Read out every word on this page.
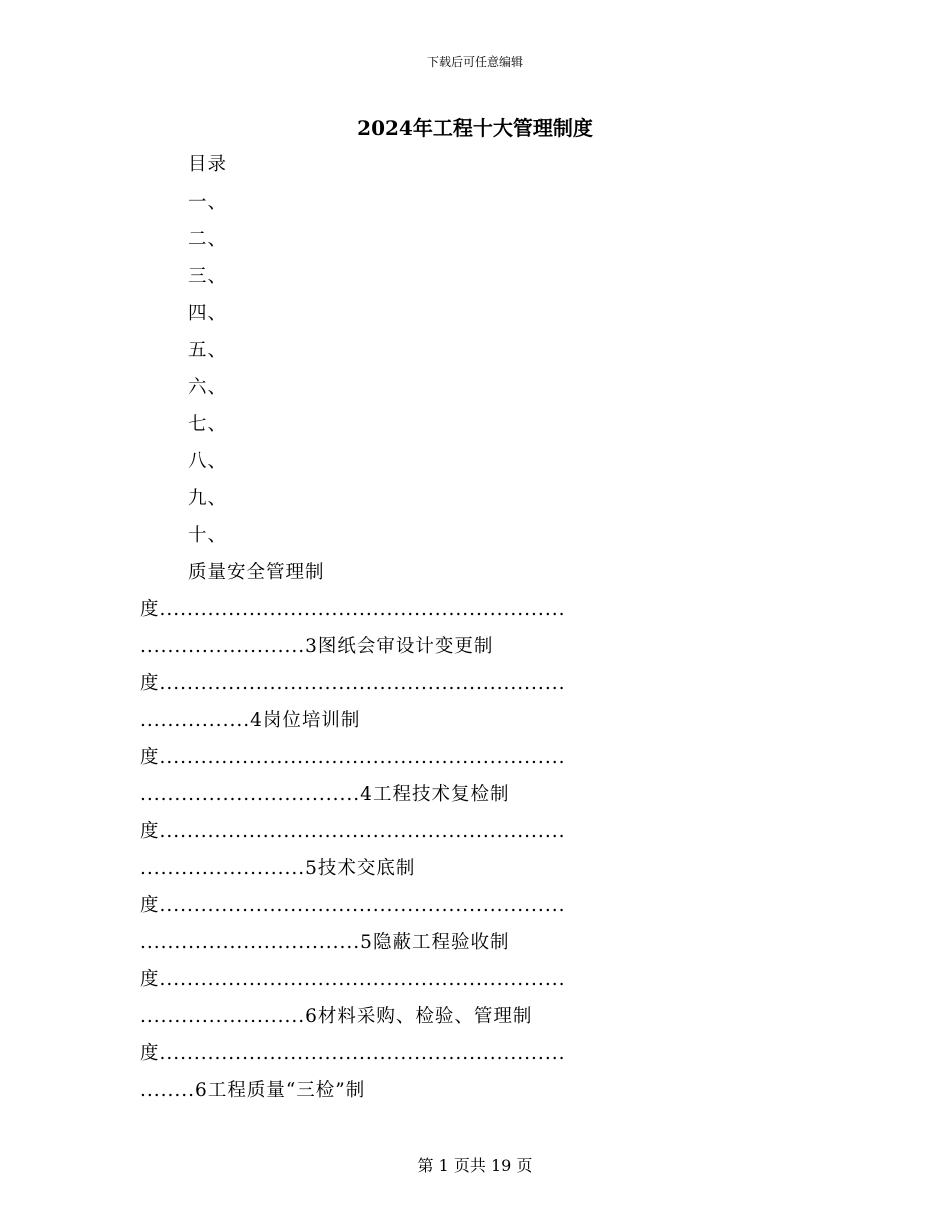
下载后可任意编辑
2024年工程十大管理制度
目录
一、
二、
三、
四、
五、
六、
七、
八、
九、
十、
质量安全管理制
度...........................................................
........................3图纸会审设计变更制
度...........................................................
................4岗位培训制
度...........................................................
................................4工程技术复检制
度...........................................................
........................5技术交底制
度...........................................................
................................5隐蔽工程验收制
度...........................................................
........................6材料采购、检验、管理制
度...........................................................
........6工程质量“三检”制
第 1 页共 19 页
